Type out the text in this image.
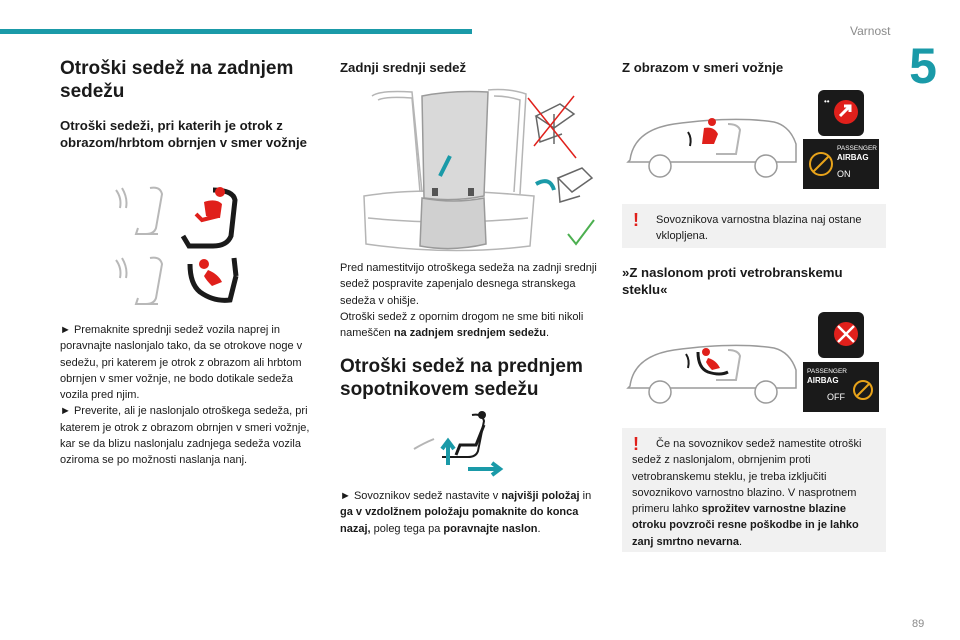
Varnost
5
Otroški sedež na zadnjem sedežu
Otroški sedeži, pri katerih je otrok z obrazom/hrbtom obrnjen v smer vožnje

► Premaknite sprednji sedež vozila naprej in poravnajte naslonjalo tako, da se otrokove noge v sedežu, pri katerem je otrok z obrazom ali hrbtom obrnjen v smer vožnje, ne bodo dotikale sedeža vozila pred njim.

► Preverite, ali je naslonjalo otroškega sedeža, pri katerem je otrok z obrazom obrnjen v smeri vožnje, kar se da blizu naslonjalu zadnjega sedeža vozila oziroma se po možnosti naslanja nanj.

Zadnji srednji sedež

Pred namestitvijo otroškega sedeža na zadnji srednji sedež pospravite zapenjalo desnega stranskega sedeža v ohišje.

Otroški sedež z opornim drogom ne sme biti nikoli nameščen na zadnjem srednjem sedežu.

Otroški sedež na prednjem sopotnikovem sedežu

► Sovoznikov sedež nastavite v najvišji položaj in ga v vzdolžnem položaju pomaknite do konca nazaj, poleg tega pa poravnajte naslon.

Z obrazom v smeri vožnje
••
PASSENGER
AIRBAG
ON
! Sovoznikova varnostna blazina naj ostane vklopljena.

»Z naslonom proti vetrobranskemu steklu«
PASSENGER
AIRBAG
OFF
!	Če na sovoznikov sedež namestite otroški sedež z naslonjalom, obrnjenim proti vetrobranskemu steklu, je treba izključiti sovoznikovo varnostno blazino. V nasprotnem primeru lahko sprožitev varnostne blazine otroku povzroči resne poškodbe in je lahko zanj smrtno nevarna.

89
